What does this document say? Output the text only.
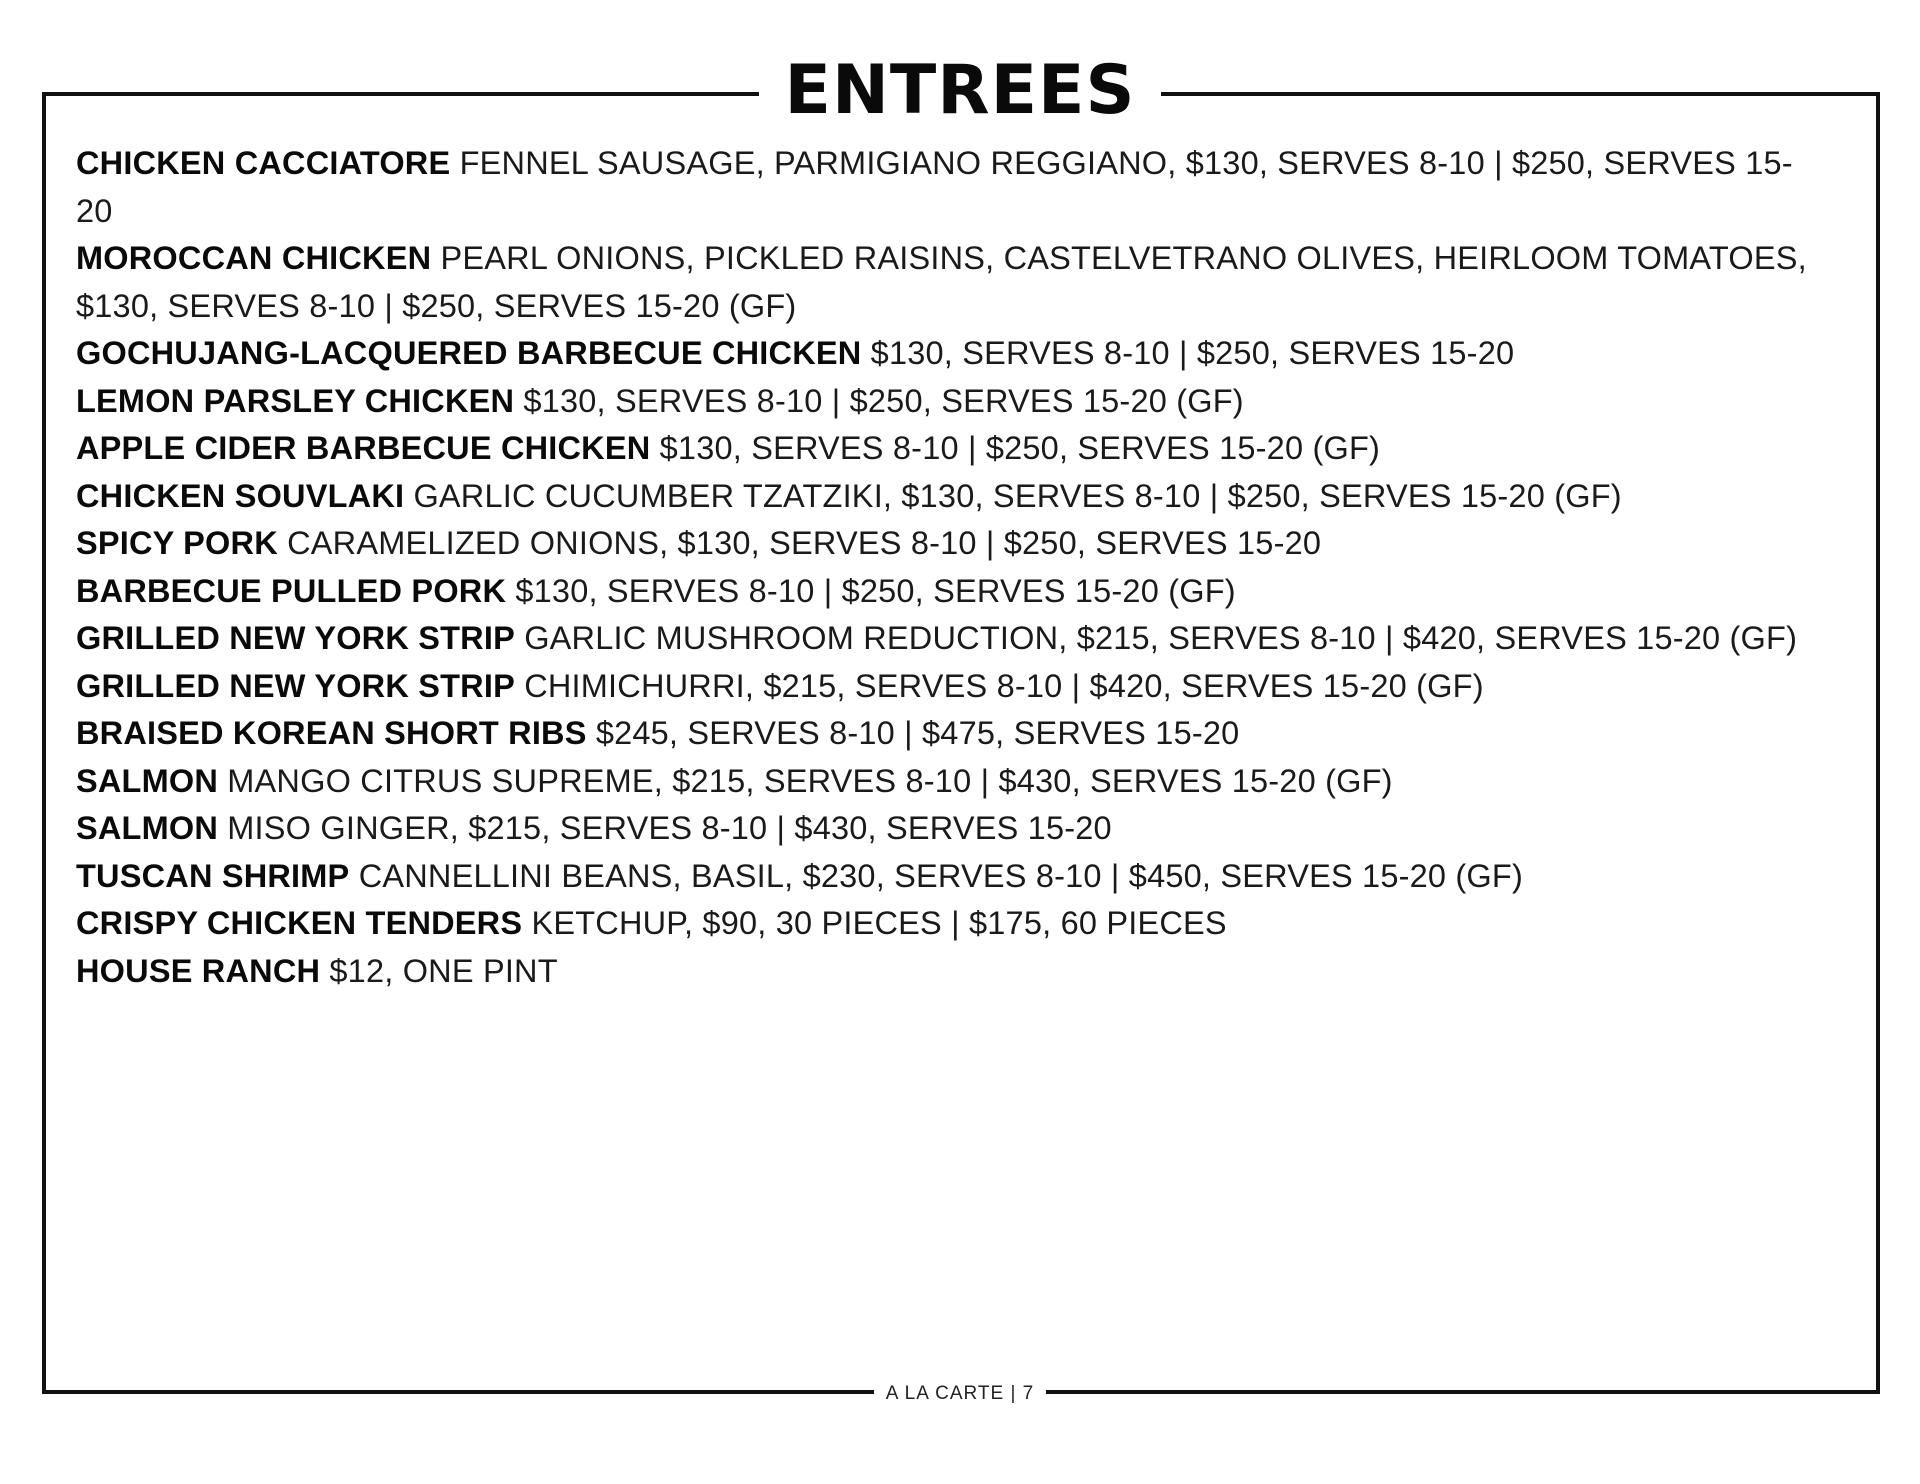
ENTREES
CHICKEN CACCIATORE FENNEL SAUSAGE, PARMIGIANO REGGIANO, $130, SERVES 8-10 | $250, SERVES 15-20
MOROCCAN CHICKEN PEARL ONIONS, PICKLED RAISINS, CASTELVETRANO OLIVES, HEIRLOOM TOMATOES, $130, SERVES 8-10 | $250, SERVES 15-20 (GF)
GOCHUJANG-LACQUERED BARBECUE CHICKEN $130, SERVES 8-10 | $250, SERVES 15-20
LEMON PARSLEY CHICKEN $130, SERVES 8-10 | $250, SERVES 15-20 (GF)
APPLE CIDER BARBECUE CHICKEN $130, SERVES 8-10 | $250, SERVES 15-20 (GF)
CHICKEN SOUVLAKI GARLIC CUCUMBER TZATZIKI, $130, SERVES 8-10 | $250, SERVES 15-20 (GF)
SPICY PORK CARAMELIZED ONIONS, $130, SERVES 8-10 | $250, SERVES 15-20
BARBECUE PULLED PORK $130, SERVES 8-10 | $250, SERVES 15-20 (GF)
GRILLED NEW YORK STRIP GARLIC MUSHROOM REDUCTION, $215, SERVES 8-10 | $420, SERVES 15-20 (GF)
GRILLED NEW YORK STRIP CHIMICHURRI, $215, SERVES 8-10 | $420, SERVES 15-20 (GF)
BRAISED KOREAN SHORT RIBS $245, SERVES 8-10 | $475, SERVES 15-20
SALMON MANGO CITRUS SUPREME, $215, SERVES 8-10 | $430, SERVES 15-20 (GF)
SALMON MISO GINGER, $215, SERVES 8-10 | $430, SERVES 15-20
TUSCAN SHRIMP CANNELLINI BEANS, BASIL, $230, SERVES 8-10 | $450, SERVES 15-20 (GF)
CRISPY CHICKEN TENDERS KETCHUP, $90, 30 PIECES | $175, 60 PIECES
HOUSE RANCH $12, ONE PINT
A LA CARTE | 7
